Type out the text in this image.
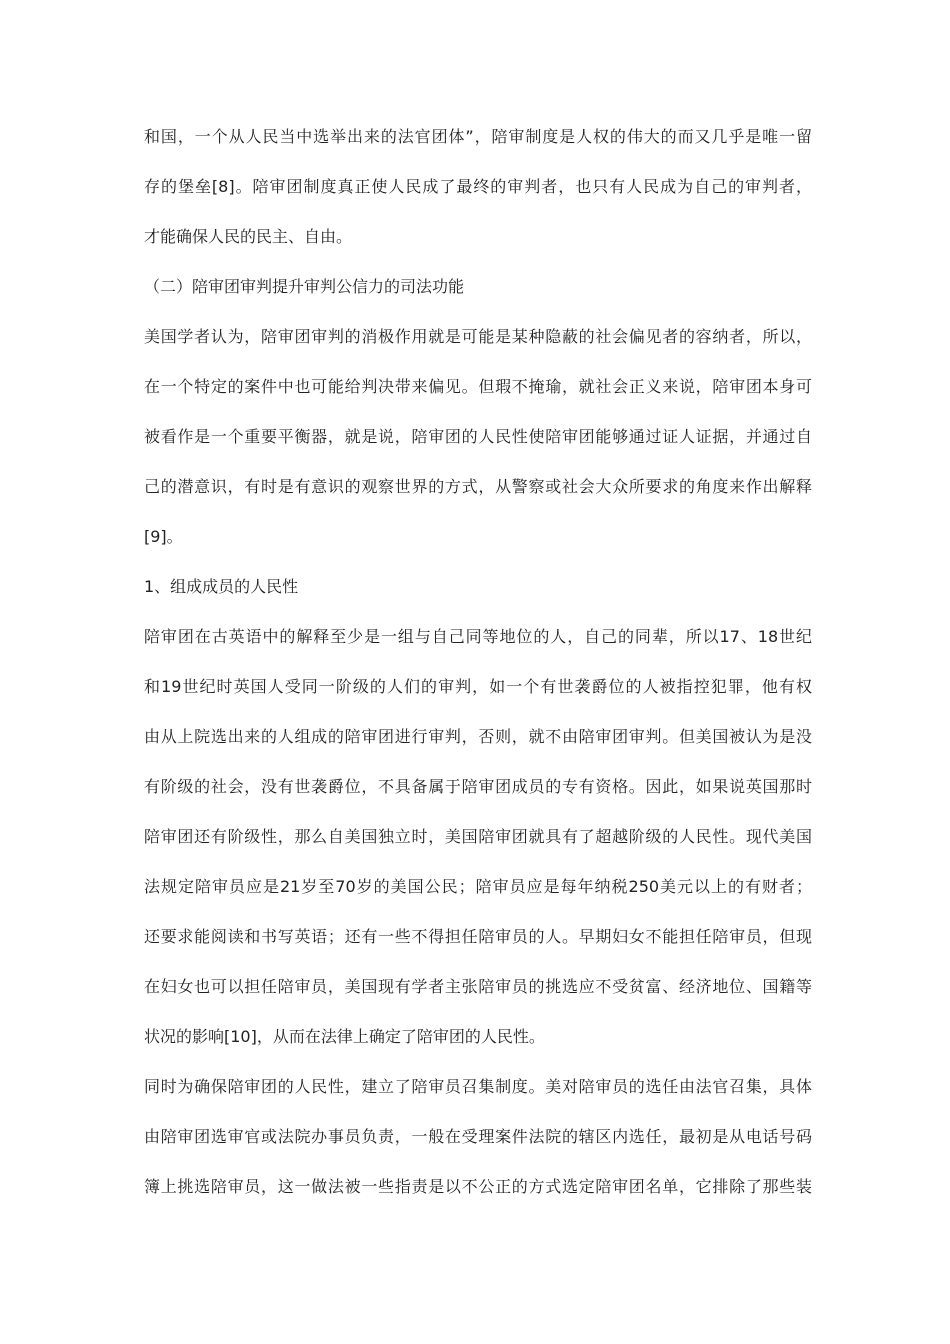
和国，一个从人民当中选举出来的法官团体”，陪审制度是人权的伟大的而又几乎是唯一留
存的堡垒[8]。陪审团制度真正使人民成了最终的审判者，也只有人民成为自己的审判者，
才能确保人民的民主、自由。
（二）陪审团审判提升审判公信力的司法功能
美国学者认为，陪审团审判的消极作用就是可能是某种隐蔽的社会偏见者的容纳者，所以，
在一个特定的案件中也可能给判决带来偏见。但瑕不掩瑜，就社会正义来说，陪审团本身可
被看作是一个重要平衡器，就是说，陪审团的人民性使陪审团能够通过证人证据，并通过自
己的潜意识，有时是有意识的观察世界的方式，从警察或社会大众所要求的角度来作出解释
[9]。
1、组成成员的人民性
陪审团在古英语中的解释至少是一组与自己同等地位的人，自己的同辈，所以17、18世纪
和19世纪时英国人受同一阶级的人们的审判，如一个有世袭爵位的人被指控犯罪，他有权
由从上院选出来的人组成的陪审团进行审判，否则，就不由陪审团审判。但美国被认为是没
有阶级的社会，没有世袭爵位，不具备属于陪审团成员的专有资格。因此，如果说英国那时
陪审团还有阶级性，那么自美国独立时，美国陪审团就具有了超越阶级的人民性。现代美国
法规定陪审员应是21岁至70岁的美国公民；陪审员应是每年纳税250美元以上的有财者；
还要求能阅读和书写英语；还有一些不得担任陪审员的人。早期妇女不能担任陪审员，但现
在妇女也可以担任陪审员，美国现有学者主张陪审员的挑选应不受贫富、经济地位、国籍等
状况的影响[10]，从而在法律上确定了陪审团的人民性。
同时为确保陪审团的人民性，建立了陪审员召集制度。美对陪审员的选任由法官召集，具体
由陪审团选审官或法院办事员负责，一般在受理案件法院的辖区内选任，最初是从电话号码
簿上挑选陪审员，这一做法被一些指责是以不公正的方式选定陪审团名单，它排除了那些装
